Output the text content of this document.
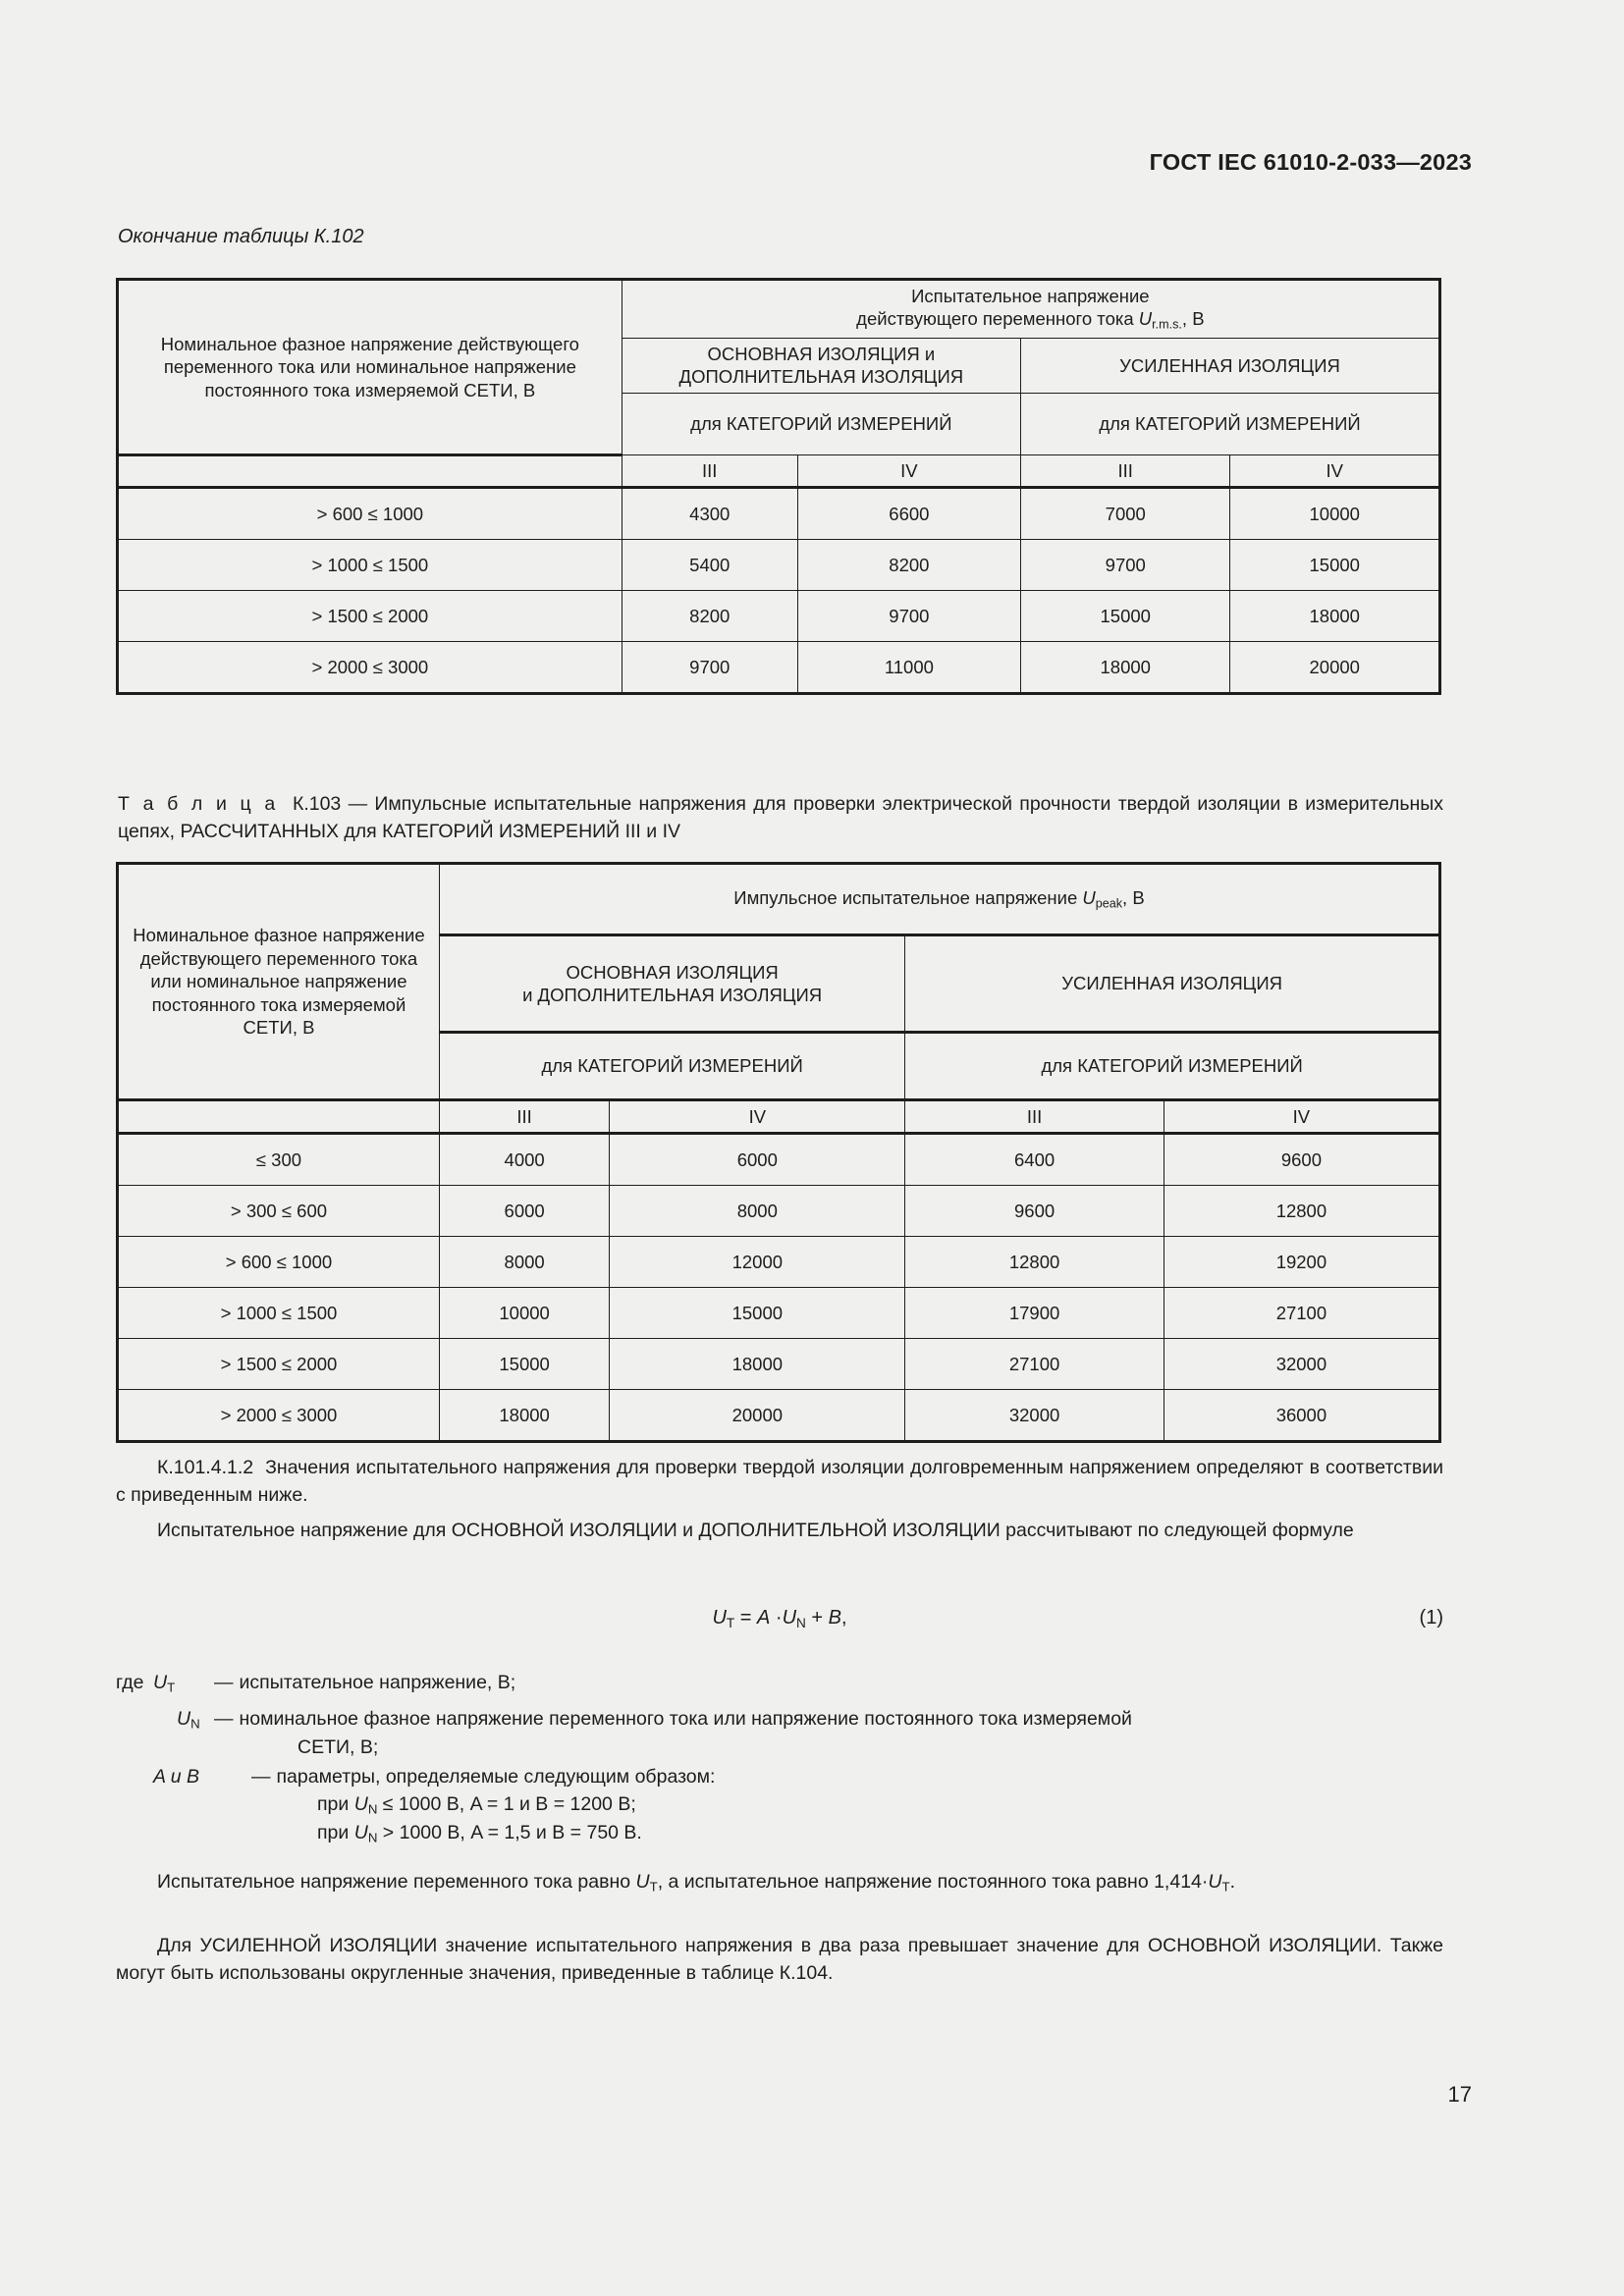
ГОСТ IEC 61010-2-033—2023
Окончание таблицы К.102
Номинальное фазное напряжение действующего переменного тока или номинальное напряжение постоянного тока измеряемой СЕТИ, В	Испытательное напряжение
действующего переменного тока $U_{r.m.s.}$, В			
	ОСНОВНАЯ ИЗОЛЯЦИЯ и
ДОПОЛНИТЕЛЬНАЯ ИЗОЛЯЦИЯ		УСИЛЕННАЯ ИЗОЛЯЦИЯ	
	для КАТЕГОРИЙ ИЗМЕРЕНИЙ		для КАТЕГОРИЙ ИЗМЕРЕНИЙ	
	III	IV	III	IV
> 600 ≤ 1000	4300	6600	7000	10000
> 1000 ≤ 1500	5400	8200	9700	15000
> 1500 ≤ 2000	8200	9700	15000	18000
> 2000 ≤ 3000	9700	11000	18000	20000
Т а б л и ц а К.103 — Импульсные испытательные напряжения для проверки электрической прочности твердой изоляции в измерительных цепях, РАССЧИТАННЫХ для КАТЕГОРИЙ ИЗМЕРЕНИЙ III и IV
Номинальное фазное напряжение действующего переменного тока или номинальное напряжение постоянного тока измеряемой СЕТИ, В	Импульсное испытательное напряжение $U_{peak}$, В			
	ОСНОВНАЯ ИЗОЛЯЦИЯ
и ДОПОЛНИТЕЛЬНАЯ ИЗОЛЯЦИЯ		УСИЛЕННАЯ ИЗОЛЯЦИЯ	
	для КАТЕГОРИЙ ИЗМЕРЕНИЙ		для КАТЕГОРИЙ ИЗМЕРЕНИЙ	
	III	IV	III	IV
≤ 300	4000	6000	6400	9600
> 300 ≤ 600	6000	8000	9600	12800
> 600 ≤ 1000	8000	12000	12800	19200
> 1000 ≤ 1500	10000	15000	17900	27100
> 1500 ≤ 2000	15000	18000	27100	32000
> 2000 ≤ 3000	18000	20000	32000	36000

К.101.4.1.2 Значения испытательного напряжения для проверки твердой изоляции долговременным напряжением определяют в соответствии с приведенным ниже.

Испытательное напряжение для ОСНОВНОЙ ИЗОЛЯЦИИ и ДОПОЛНИТЕЛЬНОЙ ИЗОЛЯЦИИ рассчитывают по следующей формуле

$U_T = A \cdot U_N + B$,	(1)
где $U_T$	— испытательное напряжение, В;
$U_N$ — номинальное фазное напряжение переменного тока или напряжение постоянного тока измеряемой
СЕТИ, В;
A и B	— параметры, определяемые следующим образом:
при $U_N \le 1000$ В, A = 1 и B = 1200 В;
при $U_N > 1000$ В, A = 1,5 и B = 750 В.

Испытательное напряжение переменного тока равно $U_T$, а испытательное напряжение постоянного тока равно $1,414\cdot U_T$.

Для УСИЛЕННОЙ ИЗОЛЯЦИИ значение испытательного напряжения в два раза превышает значение для ОСНОВНОЙ ИЗОЛЯЦИИ. Также могут быть использованы округленные значения, приведенные в таблице К.104.

17
